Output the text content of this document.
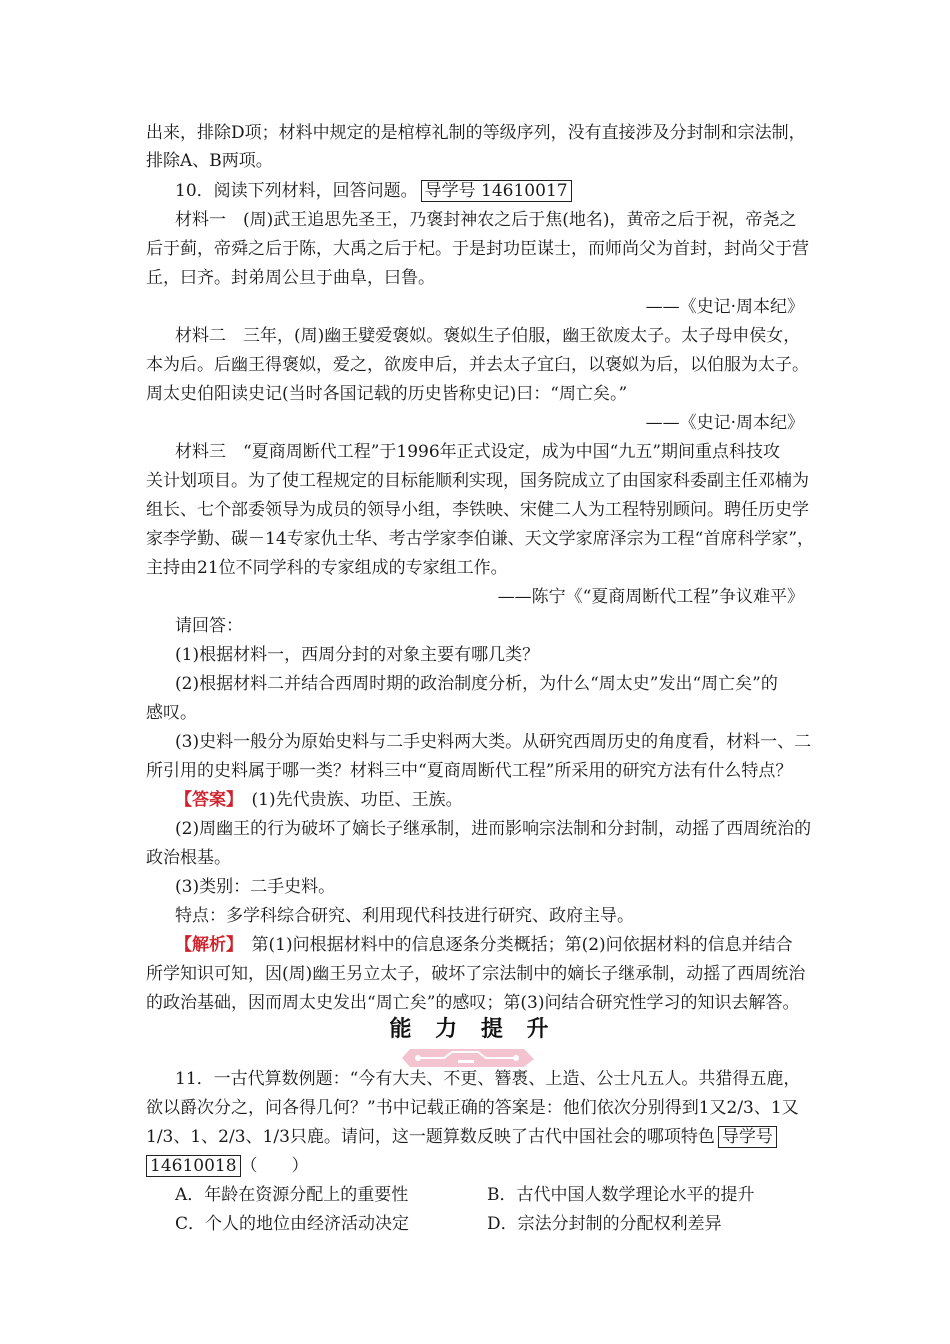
出来，排除D项；材料中规定的是棺椁礼制的等级序列，没有直接涉及分封制和宗法制，
排除A、B两项。
10．阅读下列材料，回答问题。 导学号 14610017
材料一　(周)武王追思先圣王，乃褒封神农之后于焦(地名)，黄帝之后于祝，帝尧之
后于蓟，帝舜之后于陈，大禹之后于杞。于是封功臣谋士，而师尚父为首封，封尚父于营
丘，曰齐。封弟周公旦于曲阜，曰鲁。
——《史记·周本纪》
材料二　三年，(周)幽王嬖爱褒姒。褒姒生子伯服，幽王欲废太子。太子母申侯女，
本为后。后幽王得褒姒，爱之，欲废申后，并去太子宜臼，以褒姒为后，以伯服为太子。
周太史伯阳读史记(当时各国记载的历史皆称史记)曰：“周亡矣。”
——《史记·周本纪》
材料三　“夏商周断代工程”于1996年正式设定，成为中国“九五”期间重点科技攻
关计划项目。为了使工程规定的目标能顺利实现，国务院成立了由国家科委副主任邓楠为
组长、七个部委领导为成员的领导小组，李铁映、宋健二人为工程特别顾问。聘任历史学
家李学勤、碳－14专家仇士华、考古学家李伯谦、天文学家席泽宗为工程“首席科学家”，
主持由21位不同学科的专家组成的专家组工作。
——陈宁《“夏商周断代工程”争议难平》
请回答：
(1)根据材料一，西周分封的对象主要有哪几类？
(2)根据材料二并结合西周时期的政治制度分析，为什么“周太史”发出“周亡矣”的
感叹。
(3)史料一般分为原始史料与二手史料两大类。从研究西周历史的角度看，材料一、二
所引用的史料属于哪一类？材料三中“夏商周断代工程”所采用的研究方法有什么特点？
【答案】　(1)先代贵族、功臣、王族。
(2)周幽王的行为破坏了嫡长子继承制，进而影响宗法制和分封制，动摇了西周统治的
政治根基。
(3)类别：二手史料。
特点：多学科综合研究、利用现代科技进行研究、政府主导。
【解析】　第(1)问根据材料中的信息逐条分类概括；第(2)问依据材料的信息并结合
所学知识可知，因(周)幽王另立太子，破坏了宗法制中的嫡长子继承制，动摇了西周统治
的政治基础，因而周太史发出“周亡矣”的感叹；第(3)问结合研究性学习的知识去解答。
能 力 提 升
11．一古代算数例题：“今有大夫、不更、簪褭、上造、公士凡五人。共猎得五鹿，
欲以爵次分之，问各得几何？”书中记载正确的答案是：他们依次分别得到1又2/3、1又
1/3、1、2/3、1/3只鹿。请问，这一题算数反映了古代中国社会的哪项特色 导学号
14610018 （　　）
A．年龄在资源分配上的重要性	B．古代中国人数学理论水平的提升
C．个人的地位由经济活动决定	D．宗法分封制的分配权利差异
